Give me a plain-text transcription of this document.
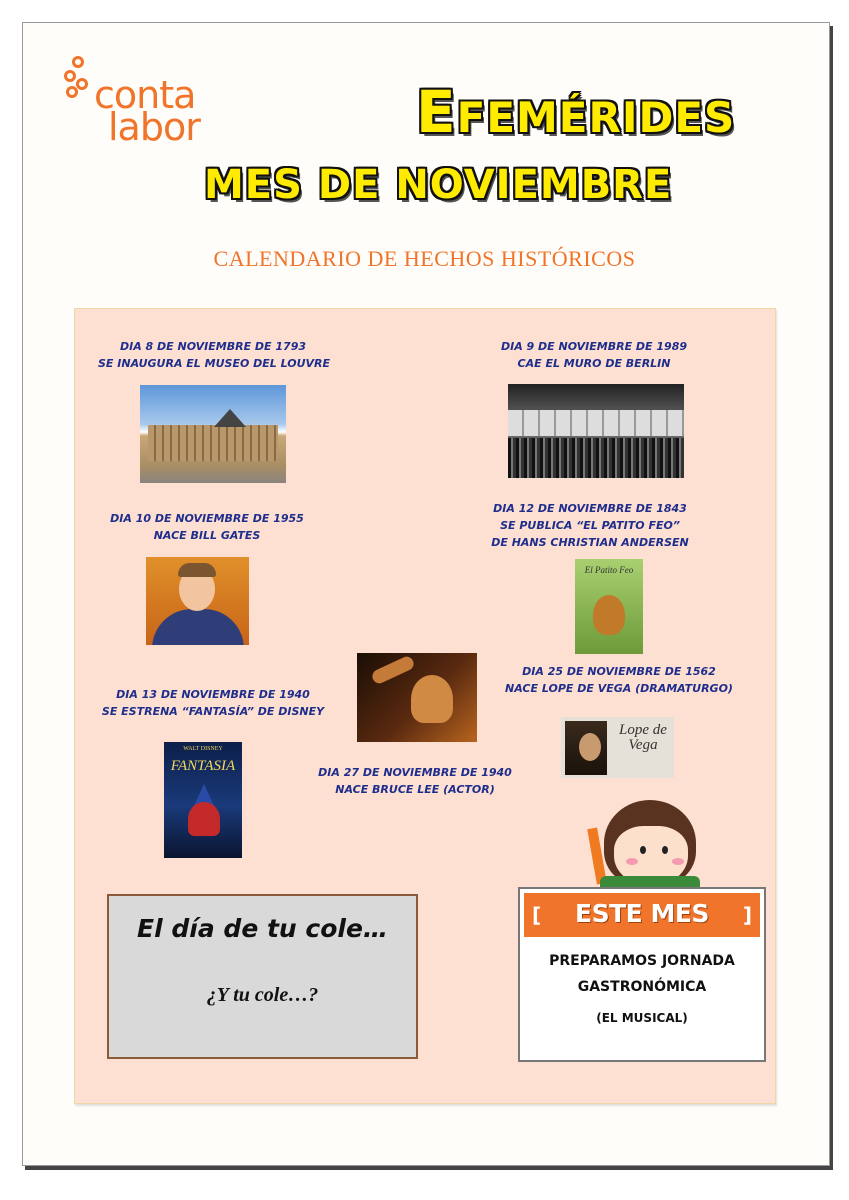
conta
labor	EFEMÉRIDES
MES DE NOVIEMBRE
CALENDARIO DE HECHOS HISTÓRICOS
DIA 8 DE NOVIEMBRE DE 1793
SE INAUGURA EL MUSEO DEL LOUVRE
DIA 9 DE NOVIEMBRE DE 1989
CAE EL MURO DE BERLIN
DIA 10 DE NOVIEMBRE DE 1955
NACE BILL GATES
DIA 12 DE NOVIEMBRE DE 1843
SE PUBLICA “EL PATITO FEO”
DE HANS CHRISTIAN ANDERSEN
El Patito Feo
DIA 25 DE NOVIEMBRE DE 1562
NACE LOPE DE VEGA (DRAMATURGO)
Lope de Vega
DIA 13 DE NOVIEMBRE DE 1940
SE ESTRENA “FANTASÍA” DE DISNEY
WALT DISNEY
FANTASIA	DIA 27 DE NOVIEMBRE DE 1940
NACE BRUCE LEE (ACTOR)
El día de tu cole…
¿Y tu cole…?
[	ESTE MES	]
PREPARAMOS JORNADA
GASTRONÓMICA
(EL MUSICAL)
